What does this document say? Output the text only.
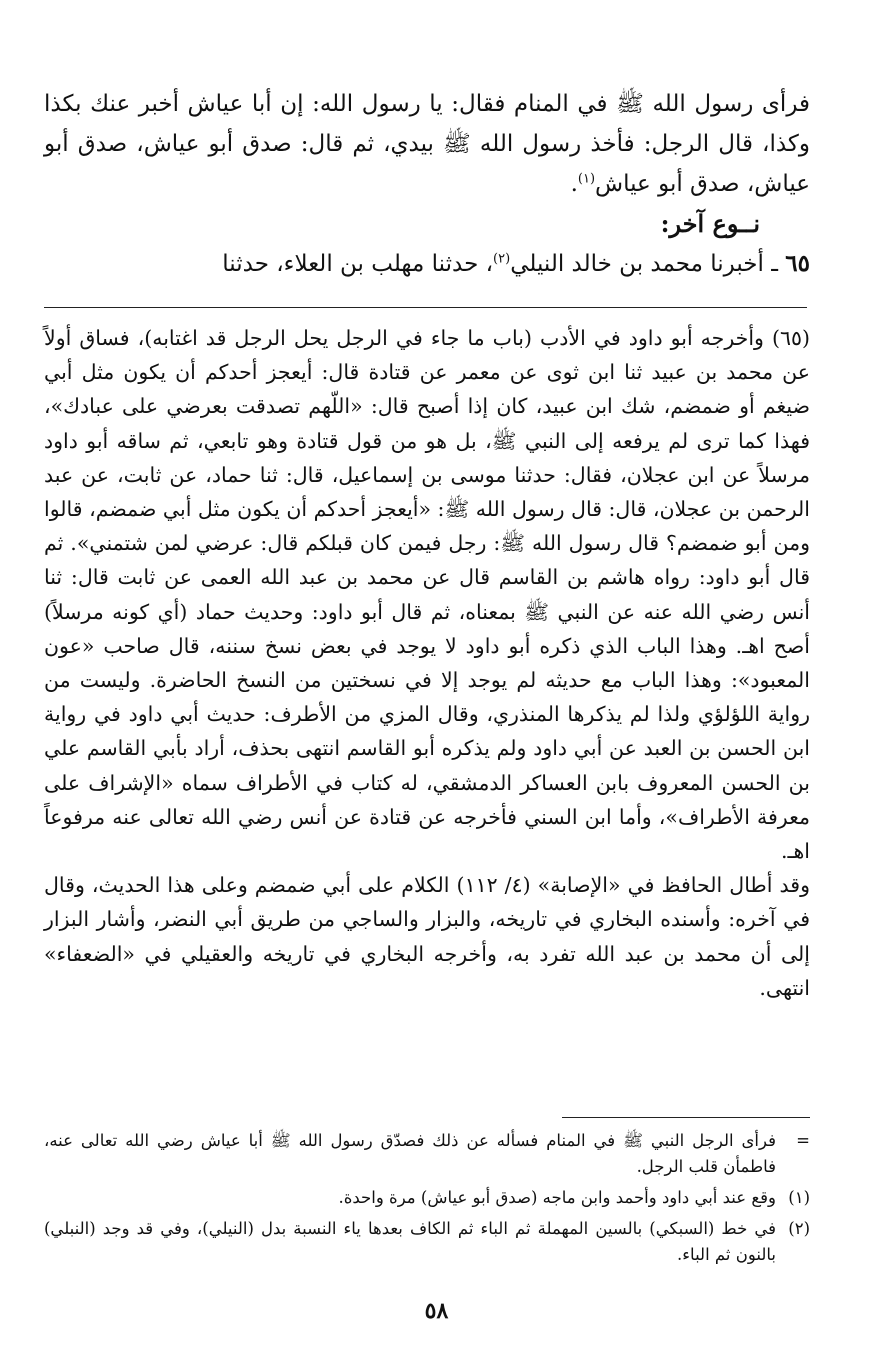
فرأى رسول الله ﷺ في المنام فقال: يا رسول الله: إن أبا عياش أخبر عنك بكذا وكذا، قال الرجل: فأخذ رسول الله ﷺ بيدي، ثم قال: صدق أبو عياش، صدق أبو عياش، صدق أبو عياش$^{(١)}$.

نــوع آخر:

٦٥ ـ أخبرنا محمد بن خالد النيلي$^{(٢)}$، حدثنا مهلب بن العلاء، حدثنا

(٦٥) وأخرجه أبو داود في الأدب (باب ما جاء في الرجل يحل الرجل قد اغتابه)، فساق أولاً عن محمد بن عبيد ثنا ابن ثوى عن معمر عن قتادة قال: أيعجز أحدكم أن يكون مثل أبي ضيغم أو ضمضم، شك ابن عبيد، كان إذا أصبح قال: «اللّهم تصدقت بعرضي على عبادك»، فهذا كما ترى لم يرفعه إلى النبي ﷺ، بل هو من قول قتادة وهو تابعي، ثم ساقه أبو داود مرسلاً عن ابن عجلان، فقال: حدثنا موسى بن إسماعيل، قال: ثنا حماد، عن ثابت، عن عبد الرحمن بن عجلان، قال: قال رسول الله ﷺ: «أيعجز أحدكم أن يكون مثل أبي ضمضم، قالوا ومن أبو ضمضم؟ قال رسول الله ﷺ: رجل فيمن كان قبلكم قال: عرضي لمن شتمني». ثم قال أبو داود: رواه هاشم بن القاسم قال عن محمد بن عبد الله العمى عن ثابت قال: ثنا أنس رضي الله عنه عن النبي ﷺ بمعناه، ثم قال أبو داود: وحديث حماد (أي كونه مرسلاً) أصح اهـ. وهذا الباب الذي ذكره أبو داود لا يوجد في بعض نسخ سننه، قال صاحب «عون المعبود»: وهذا الباب مع حديثه لم يوجد إلا في نسختين من النسخ الحاضرة. وليست من رواية اللؤلؤي ولذا لم يذكرها المنذري، وقال المزي من الأطرف: حديث أبي داود في رواية ابن الحسن بن العبد عن أبي داود ولم يذكره أبو القاسم انتهى بحذف، أراد بأبي القاسم علي بن الحسن المعروف بابن العساكر الدمشقي، له كتاب في الأطراف سماه «الإشراف على معرفة الأطراف»، وأما ابن السني فأخرجه عن قتادة عن أنس رضي الله تعالى عنه مرفوعاً اهـ.

وقد أطال الحافظ في «الإصابة» (٤/ ١١٢) الكلام على أبي ضمضم وعلى هذا الحديث، وقال في آخره: وأسنده البخاري في تاريخه، والبزار والساجي من طريق أبي النضر، وأشار البزار إلى أن محمد بن عبد الله تفرد به، وأخرجه البخاري في تاريخه والعقيلي في «الضعفاء» انتهى.

=
فرأى الرجل النبي ﷺ في المنام فسأله عن ذلك فصدّق رسول الله ﷺ أبا عياش رضي الله تعالى عنه، فاطمأن قلب الرجل.
(١)
وقع عند أبي داود وأحمد وابن ماجه (صدق أبو عياش) مرة واحدة.
(٢)
في خط (السبكي) بالسين المهملة ثم الباء ثم الكاف بعدها ياء النسبة بدل (النيلي)، وفي قد وجد (النبلي) بالنون ثم الباء.
٥٨
